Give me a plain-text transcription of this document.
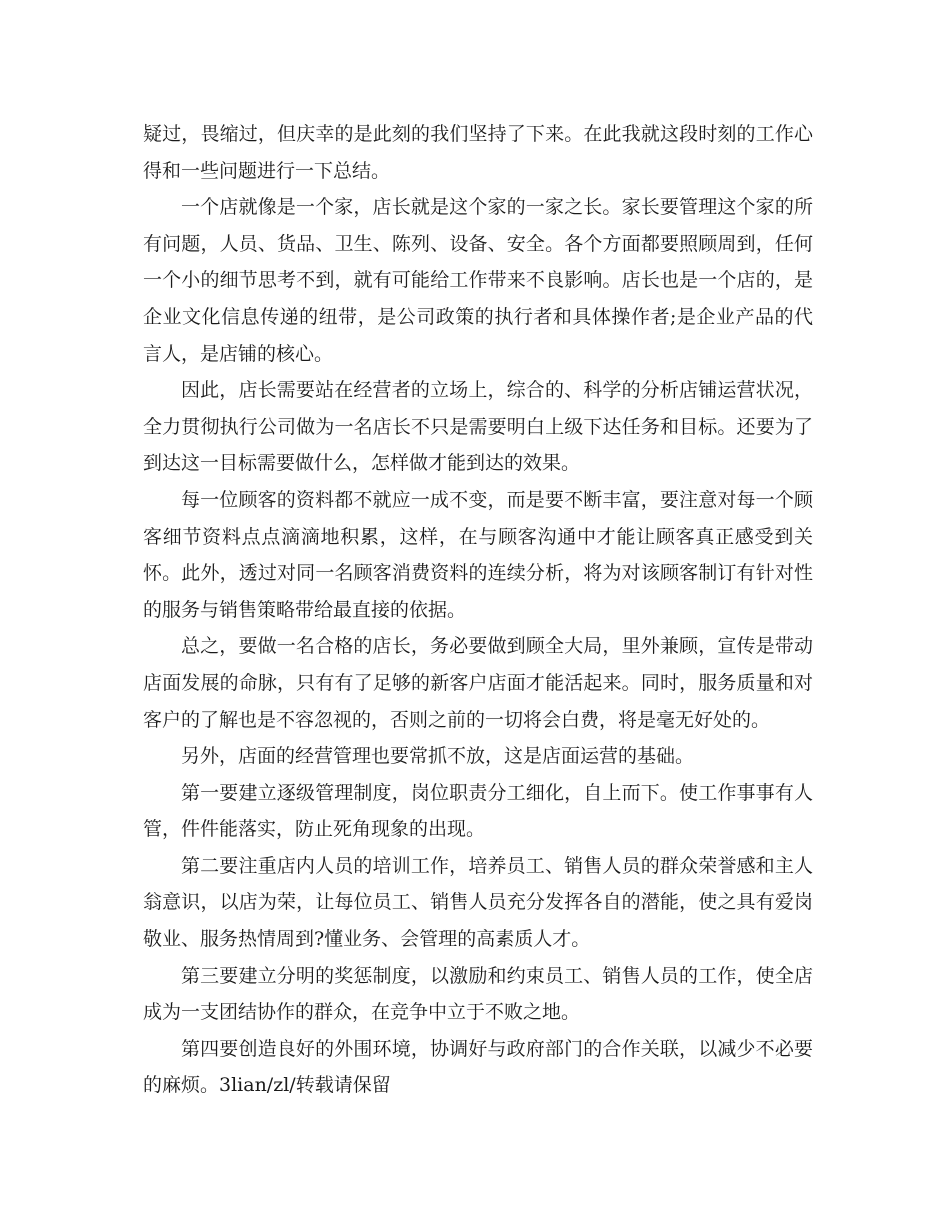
疑过，畏缩过，但庆幸的是此刻的我们坚持了下来。在此我就这段时刻的工作心得和一些问题进行一下总结。

一个店就像是一个家，店长就是这个家的一家之长。家长要管理这个家的所有问题，人员、货品、卫生、陈列、设备、安全。各个方面都要照顾周到，任何一个小的细节思考不到，就有可能给工作带来不良影响。店长也是一个店的，是企业文化信息传递的纽带，是公司政策的执行者和具体操作者;是企业产品的代言人，是店铺的核心。

因此，店长需要站在经营者的立场上，综合的、科学的分析店铺运营状况，全力贯彻执行公司做为一名店长不只是需要明白上级下达任务和目标。还要为了到达这一目标需要做什么，怎样做才能到达的效果。

每一位顾客的资料都不就应一成不变，而是要不断丰富，要注意对每一个顾客细节资料点点滴滴地积累，这样，在与顾客沟通中才能让顾客真正感受到关怀。此外，透过对同一名顾客消费资料的连续分析，将为对该顾客制订有针对性的服务与销售策略带给最直接的依据。

总之，要做一名合格的店长，务必要做到顾全大局，里外兼顾，宣传是带动店面发展的命脉，只有有了足够的新客户店面才能活起来。同时，服务质量和对客户的了解也是不容忽视的，否则之前的一切将会白费，将是毫无好处的。

另外，店面的经营管理也要常抓不放，这是店面运营的基础。

第一要建立逐级管理制度，岗位职责分工细化，自上而下。使工作事事有人管，件件能落实，防止死角现象的出现。

第二要注重店内人员的培训工作，培养员工、销售人员的群众荣誉感和主人翁意识，以店为荣，让每位员工、销售人员充分发挥各自的潜能，使之具有爱岗敬业、服务热情周到?懂业务、会管理的高素质人才。

第三要建立分明的奖惩制度，以激励和约束员工、销售人员的工作，使全店成为一支团结协作的群众，在竞争中立于不败之地。

第四要创造良好的外围环境，协调好与政府部门的合作关联，以减少不必要的麻烦。3lian/zl/转载请保留
